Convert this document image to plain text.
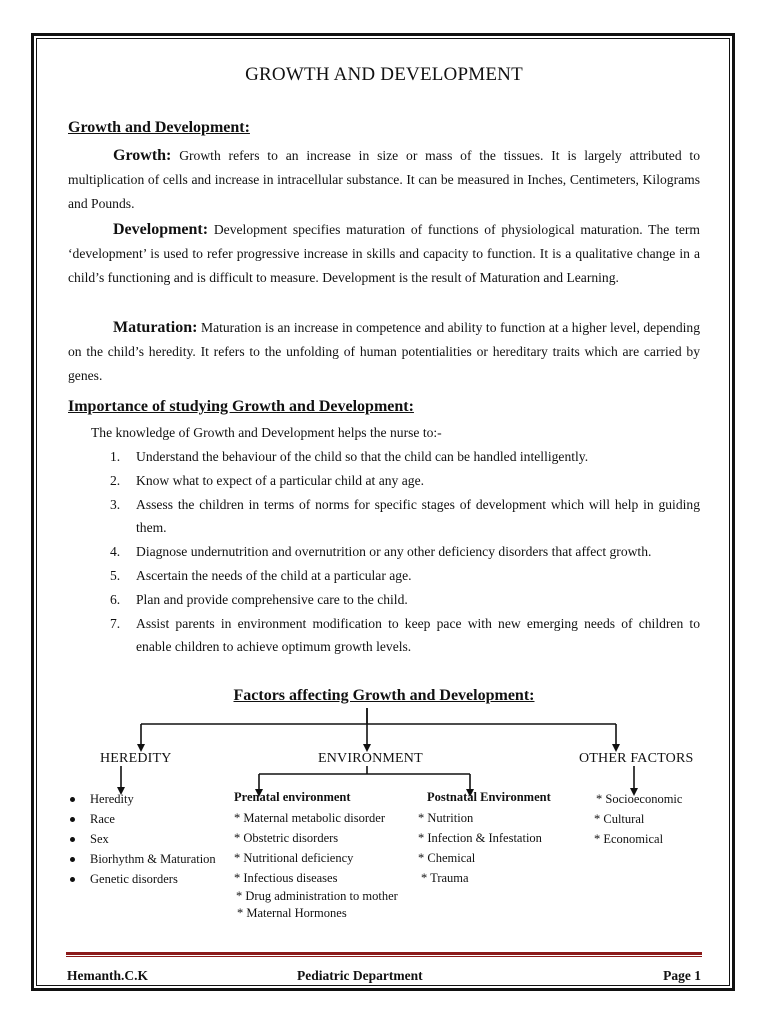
GROWTH AND DEVELOPMENT
Growth and Development:
Growth: Growth refers to an increase in size or mass of the tissues. It is largely attributed to multiplication of cells and increase in intracellular substance. It can be measured in Inches, Centimeters, Kilograms and Pounds.
Development: Development specifies maturation of functions of physiological maturation. The term ‘development’ is used to refer progressive increase in skills and capacity to function. It is a qualitative change in a child’s functioning and is difficult to measure. Development is the result of Maturation and Learning.
Maturation: Maturation is an increase in competence and ability to function at a higher level, depending on the child’s heredity. It refers to the unfolding of human potentialities or hereditary traits which are carried by genes.
Importance of studying Growth and Development:
The knowledge of Growth and Development helps the nurse to:-
1. Understand the behaviour of the child so that the child can be handled intelligently.
2. Know what to expect of a particular child at any age.
3. Assess the children in terms of norms for specific stages of development which will help in guiding them.
4. Diagnose undernutrition and overnutrition or any other deficiency disorders that affect growth.
5. Ascertain the needs of the child at a particular age.
6. Plan and provide comprehensive care to the child.
7. Assist parents in environment modification to keep pace with new emerging needs of children to enable children to achieve optimum growth levels.
Factors affecting Growth and Development:
HEREDITY	ENVIRONMENT	OTHER FACTORS
Heredity
Race
Sex
Biorhythm & Maturation
Genetic disorders
Prenatal environment
* Maternal metabolic disorder
* Obstetric disorders
* Nutritional deficiency
* Infectious diseases
* Drug administration to mother
* Maternal Hormones
Postnatal Environment
* Nutrition
* Infection & Infestation
* Chemical
* Trauma
* Socioeconomic
* Cultural
* Economical
Hemanth.C.K	Pediatric Department	Page 1
